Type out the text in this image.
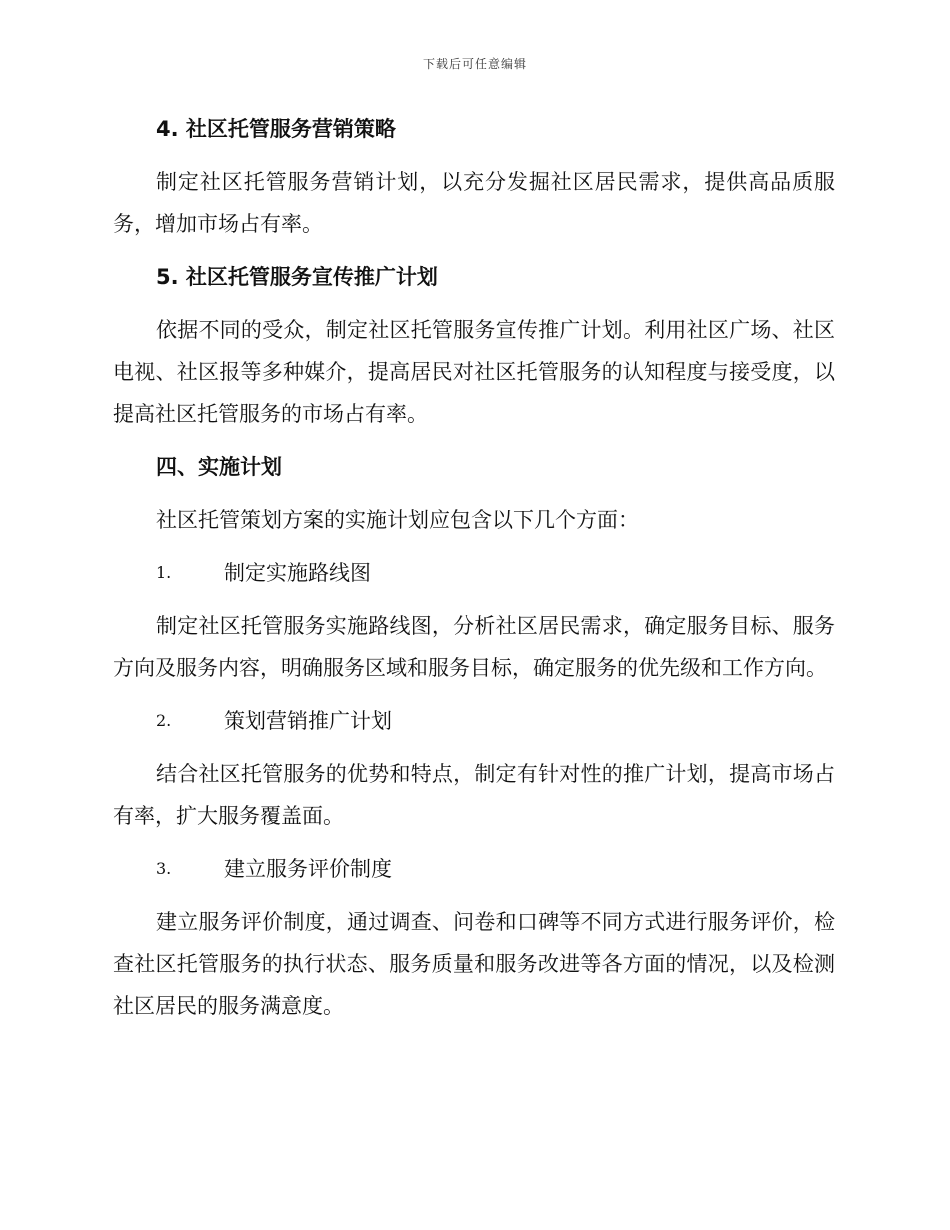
下载后可任意编辑

4. 社区托管服务营销策略

制定社区托管服务营销计划，以充分发掘社区居民需求，提供高品质服务，增加市场占有率。

5. 社区托管服务宣传推广计划

依据不同的受众，制定社区托管服务宣传推广计划。利用社区广场、社区电视、社区报等多种媒介，提高居民对社区托管服务的认知程度与接受度，以提高社区托管服务的市场占有率。

四、实施计划

社区托管策划方案的实施计划应包含以下几个方面：

1.	制定实施路线图

制定社区托管服务实施路线图，分析社区居民需求，确定服务目标、服务方向及服务内容，明确服务区域和服务目标，确定服务的优先级和工作方向。

2.	策划营销推广计划

结合社区托管服务的优势和特点，制定有针对性的推广计划，提高市场占有率，扩大服务覆盖面。

3.	建立服务评价制度

建立服务评价制度，通过调查、问卷和口碑等不同方式进行服务评价，检查社区托管服务的执行状态、服务质量和服务改进等各方面的情况，以及检测社区居民的服务满意度。
